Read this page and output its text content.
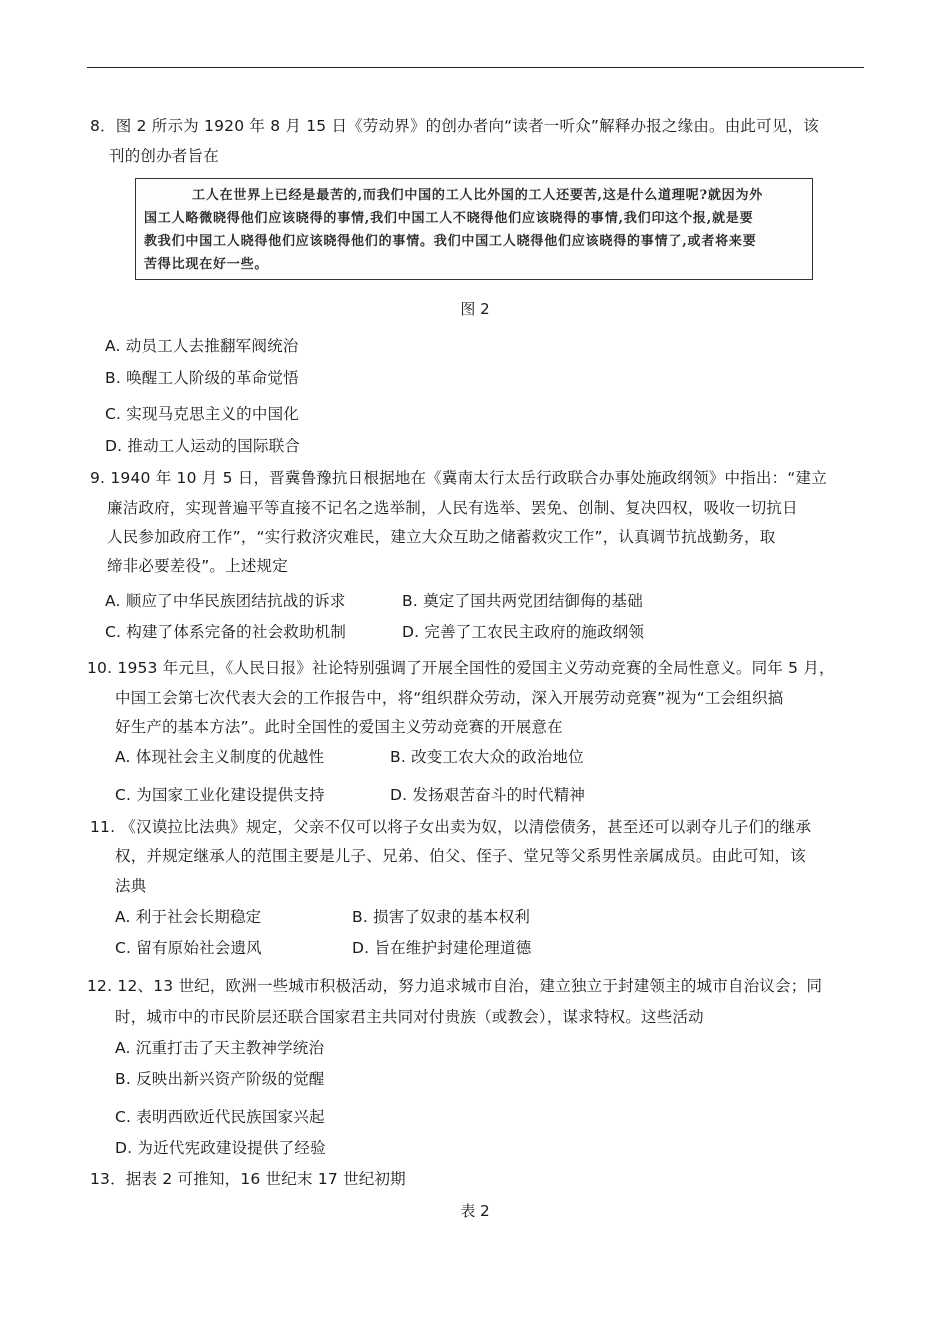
8．图 2 所示为 1920 年 8 月 15 日《劳动界》的创办者向“读者一听众”解释办报之缘由。由此可见，该
刊的创办者旨在
工人在世界上已经是最苦的,而我们中国的工人比外国的工人还要苦,这是什么道理呢?就因为外
国工人略微晓得他们应该晓得的事情,我们中国工人不晓得他们应该晓得的事情,我们印这个报,就是要
教我们中国工人晓得他们应该晓得他们的事情。我们中国工人晓得他们应该晓得的事情了,或者将来要
苦得比现在好一些。
图 2
A. 动员工人去推翻军阀统治
B. 唤醒工人阶级的革命觉悟
C. 实现马克思主义的中国化
D. 推动工人运动的国际联合
9. 1940 年 10 月 5 日，晋冀鲁豫抗日根据地在《冀南太行太岳行政联合办事处施政纲领》中指出：“建立
廉洁政府，实现普遍平等直接不记名之选举制，人民有选举、罢免、创制、复决四权，吸收一切抗日
人民参加政府工作”，“实行救济灾难民，建立大众互助之储蓄救灾工作”，认真调节抗战勤务，取
缔非必要差役”。上述规定
A. 顺应了中华民族团结抗战的诉求	B. 奠定了国共两党团结御侮的基础
C. 构建了体系完备的社会救助机制	D. 完善了工农民主政府的施政纲领
10. 1953 年元旦，《人民日报》社论特别强调了开展全国性的爱国主义劳动竞赛的全局性意义。同年 5 月，
中国工会第七次代表大会的工作报告中，将“组织群众劳动，深入开展劳动竞赛”视为“工会组织搞
好生产的基本方法”。此时全国性的爱国主义劳动竞赛的开展意在
A. 体现社会主义制度的优越性	B. 改变工农大众的政治地位
C. 为国家工业化建设提供支持	D. 发扬艰苦奋斗的时代精神
11. 《汉谟拉比法典》规定，父亲不仅可以将子女出卖为奴，以清偿债务，甚至还可以剥夺儿子们的继承
权，并规定继承人的范围主要是儿子、兄弟、伯父、侄子、堂兄等父系男性亲属成员。由此可知，该
法典
A. 利于社会长期稳定	B. 损害了奴隶的基本权利
C. 留有原始社会遗风	D. 旨在维护封建伦理道德
12. 12、13 世纪，欧洲一些城市积极活动，努力追求城市自治，建立独立于封建领主的城市自治议会；同
时，城市中的市民阶层还联合国家君主共同对付贵族（或教会），谋求特权。这些活动
A. 沉重打击了天主教神学统治
B. 反映出新兴资产阶级的觉醒
C. 表明西欧近代民族国家兴起
D. 为近代宪政建设提供了经验
13．据表 2 可推知，16 世纪末 17 世纪初期
表 2
